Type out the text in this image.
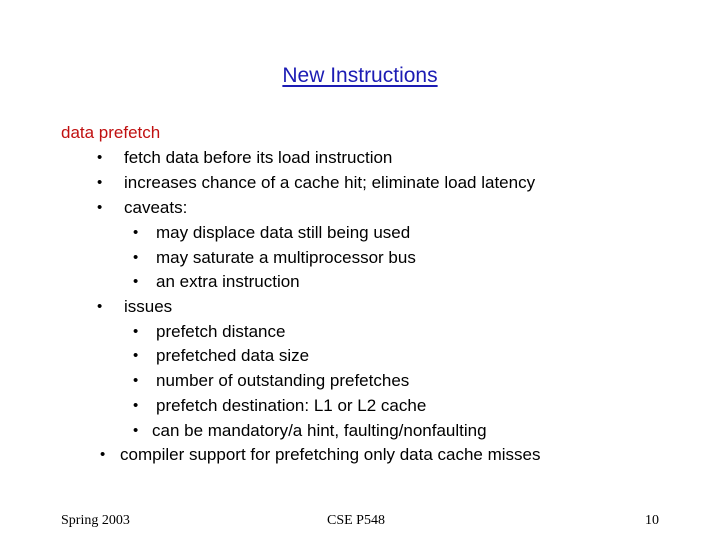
New Instructions
data prefetch
• fetch data before its load instruction
• increases chance of a cache hit; eliminate load latency
• caveats:
• may displace data still being used
• may saturate a multiprocessor bus
• an extra instruction
• issues
• prefetch distance
• prefetched data size
• number of outstanding prefetches
• prefetch destination: L1 or L2 cache
• can be mandatory/a hint, faulting/nonfaulting
• compiler support for prefetching only data cache misses
Spring 2003	CSE P548	10
